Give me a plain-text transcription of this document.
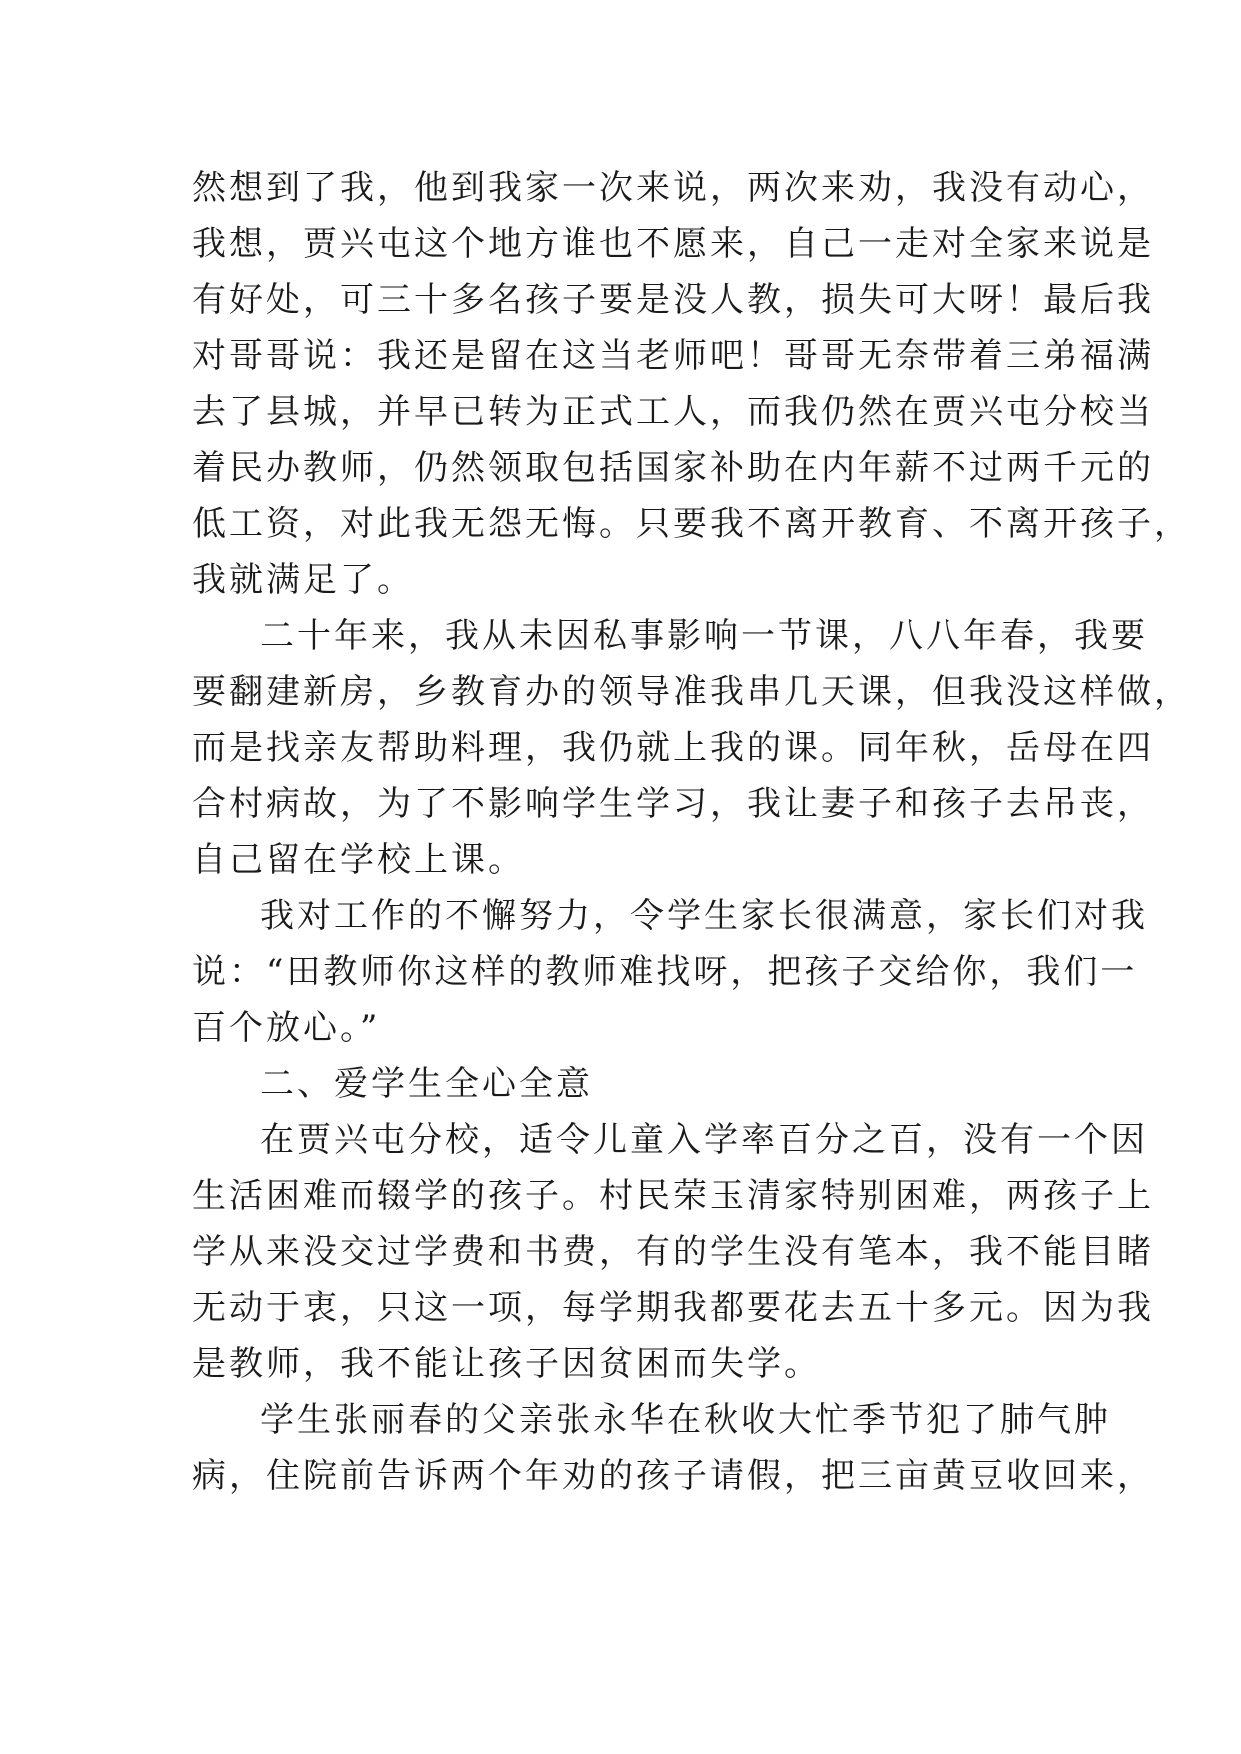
然想到了我，他到我家一次来说，两次来劝，我没有动心，
我想，贾兴屯这个地方谁也不愿来，自己一走对全家来说是
有好处，可三十多名孩子要是没人教，损失可大呀！最后我
对哥哥说：我还是留在这当老师吧！哥哥无奈带着三弟福满
去了县城，并早已转为正式工人，而我仍然在贾兴屯分校当
着民办教师，仍然领取包括国家补助在内年薪不过两千元的
低工资，对此我无怨无悔。只要我不离开教育、不离开孩子，
我就满足了。
二十年来，我从未因私事影响一节课，八八年春，我要
要翻建新房，乡教育办的领导准我串几天课，但我没这样做，
而是找亲友帮助料理，我仍就上我的课。同年秋，岳母在四
合村病故，为了不影响学生学习，我让妻子和孩子去吊丧，
自己留在学校上课。
我对工作的不懈努力，令学生家长很满意，家长们对我
说：“田教师你这样的教师难找呀，把孩子交给你，我们一
百个放心。”
二、爱学生全心全意
在贾兴屯分校，适令儿童入学率百分之百，没有一个因
生活困难而辍学的孩子。村民荣玉清家特别困难，两孩子上
学从来没交过学费和书费，有的学生没有笔本，我不能目睹
无动于衷，只这一项，每学期我都要花去五十多元。因为我
是教师，我不能让孩子因贫困而失学。
学生张丽春的父亲张永华在秋收大忙季节犯了肺气肿
病，住院前告诉两个年劝的孩子请假，把三亩黄豆收回来，
